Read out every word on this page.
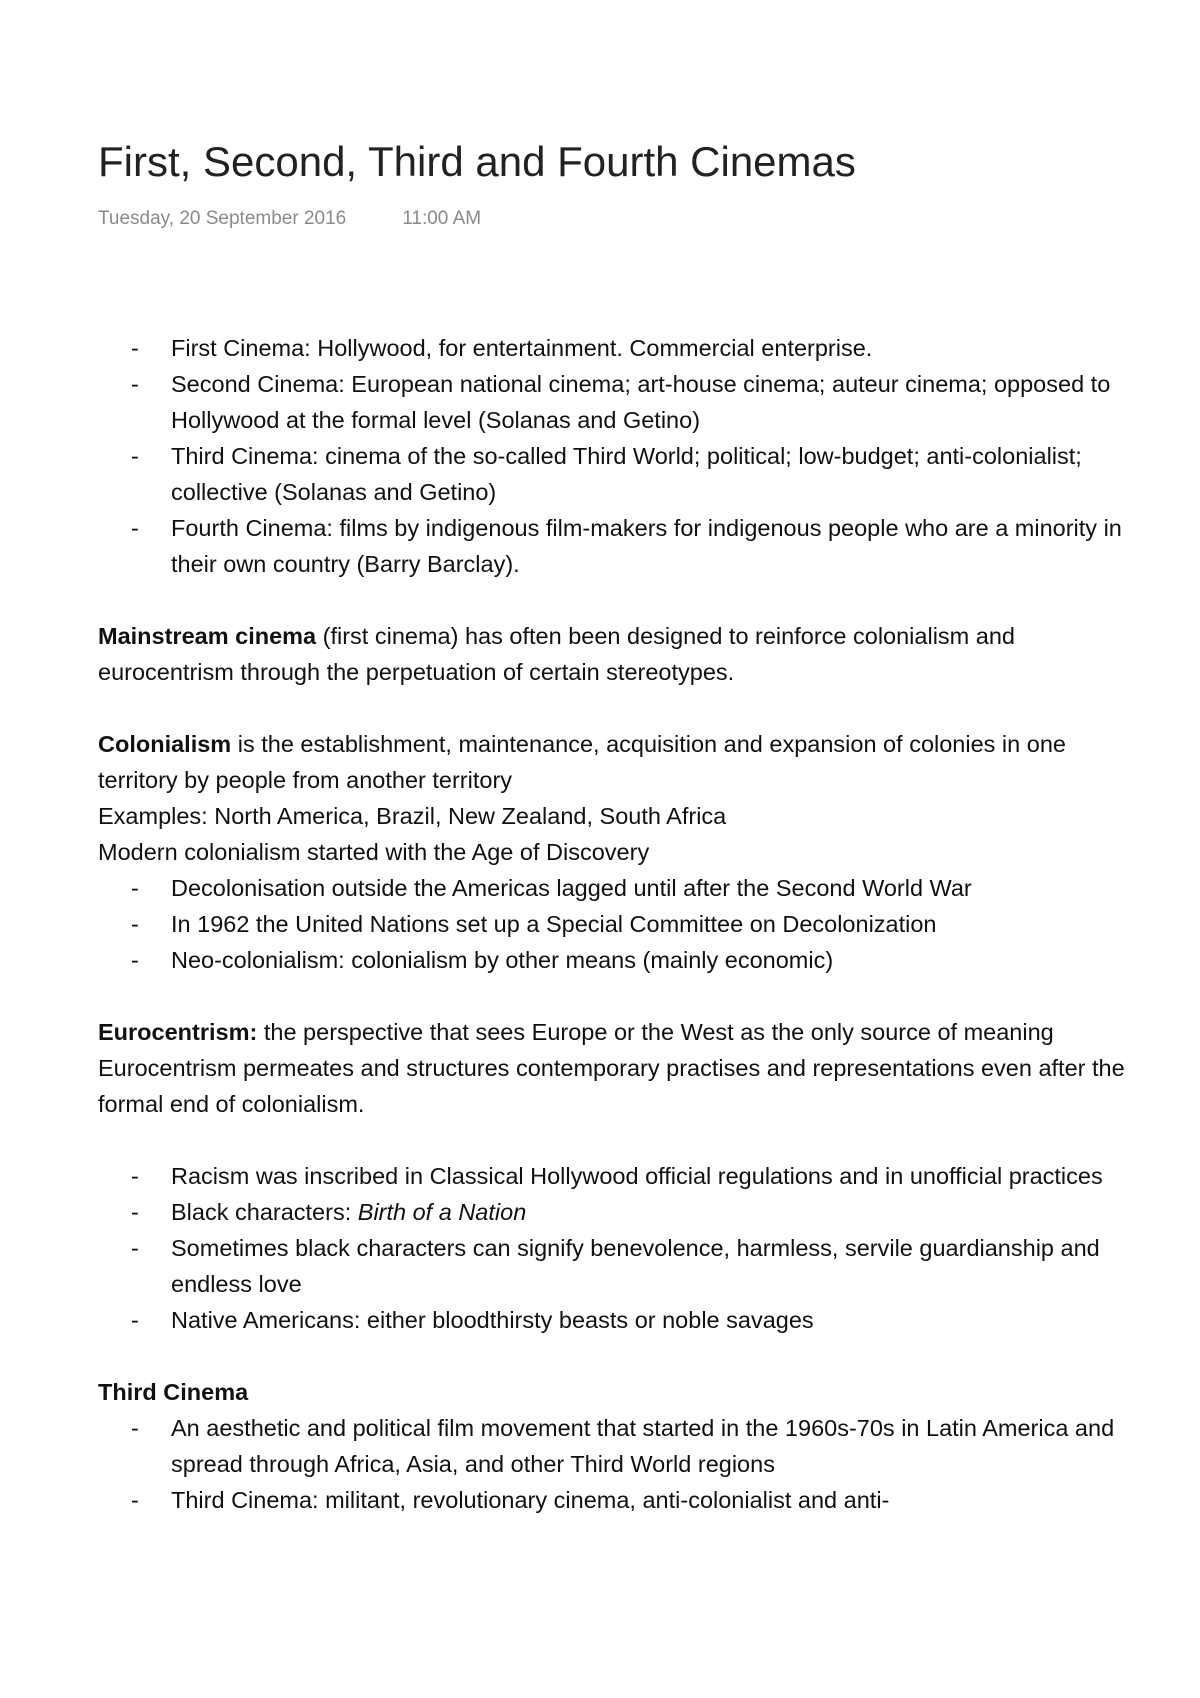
First, Second, Third and Fourth Cinemas
Tuesday, 20 September 2016	11:00 AM
- First Cinema: Hollywood, for entertainment. Commercial enterprise.
- Second Cinema: European national cinema; art-house cinema; auteur cinema; opposed to Hollywood at the formal level (Solanas and Getino)
- Third Cinema: cinema of the so-called Third World; political; low-budget; anti-colonialist; collective (Solanas and Getino)
- Fourth Cinema: films by indigenous film-makers for indigenous people who are a minority in their own country (Barry Barclay).

Mainstream cinema (first cinema) has often been designed to reinforce colonialism and eurocentrism through the perpetuation of certain stereotypes.

Colonialism is the establishment, maintenance, acquisition and expansion of colonies in one territory by people from another territory

Examples: North America, Brazil, New Zealand, South Africa

Modern colonialism started with the Age of Discovery

- Decolonisation outside the Americas lagged until after the Second World War
- In 1962 the United Nations set up a Special Committee on Decolonization
- Neo-colonialism: colonialism by other means (mainly economic)

Eurocentrism: the perspective that sees Europe or the West as the only source of meaning

Eurocentrism permeates and structures contemporary practises and representations even after the formal end of colonialism.

- Racism was inscribed in Classical Hollywood official regulations and in unofficial practices
- Black characters: Birth of a Nation
- Sometimes black characters can signify benevolence, harmless, servile guardianship and endless love
- Native Americans: either bloodthirsty beasts or noble savages

Third Cinema

- An aesthetic and political film movement that started in the 1960s-70s in Latin America and spread through Africa, Asia, and other Third World regions
- Third Cinema: militant, revolutionary cinema, anti-colonialist and anti-
